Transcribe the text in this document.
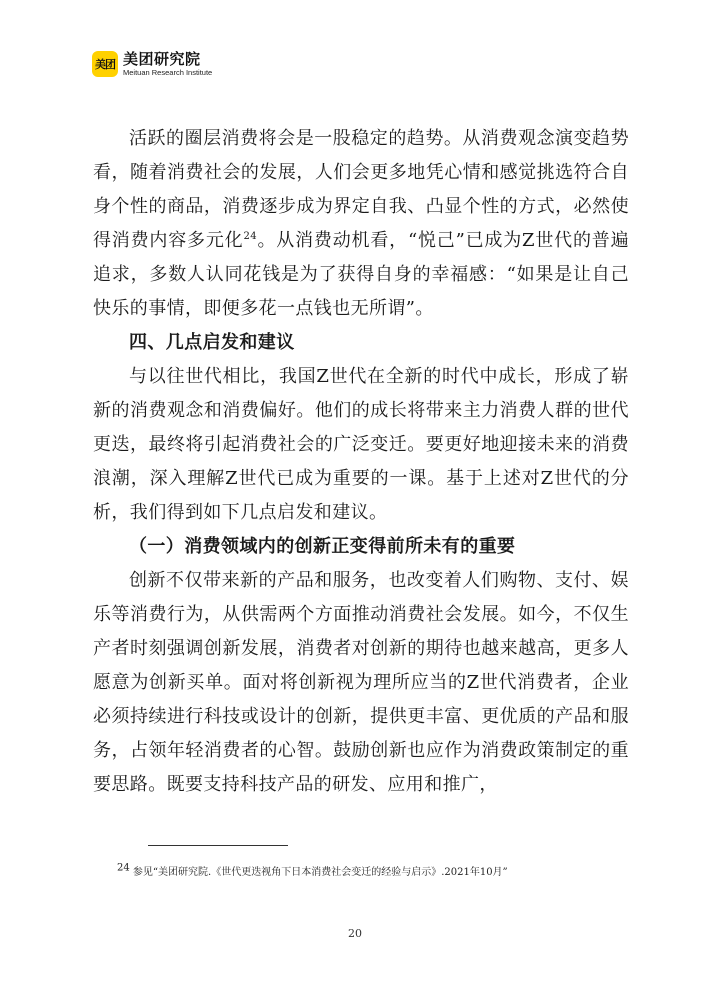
美团 美团研究院
Meituan Research Institute

活跃的圈层消费将会是一股稳定的趋势。从消费观念演变趋势看，随着消费社会的发展，人们会更多地凭心情和感觉挑选符合自身个性的商品，消费逐步成为界定自我、凸显个性的方式，必然使得消费内容多元化$^{24}$。从消费动机看，“悦己”已成为Z世代的普遍追求，多数人认同花钱是为了获得自身的幸福感：“如果是让自己快乐的事情，即便多花一点钱也无所谓”。

四、几点启发和建议

与以往世代相比，我国Z世代在全新的时代中成长，形成了崭新的消费观念和消费偏好。他们的成长将带来主力消费人群的世代更迭，最终将引起消费社会的广泛变迁。要更好地迎接未来的消费浪潮，深入理解Z世代已成为重要的一课。基于上述对Z世代的分析，我们得到如下几点启发和建议。

（一）消费领域内的创新正变得前所未有的重要

创新不仅带来新的产品和服务，也改变着人们购物、支付、娱乐等消费行为，从供需两个方面推动消费社会发展。如今，不仅生产者时刻强调创新发展，消费者对创新的期待也越来越高，更多人愿意为创新买单。面对将创新视为理所应当的Z世代消费者，企业必须持续进行科技或设计的创新，提供更丰富、更优质的产品和服务，占领年轻消费者的心智。鼓励创新也应作为消费政策制定的重要思路。既要支持科技产品的研发、应用和推广，

$^{24}$ 参见“美团研究院.《世代更迭视角下日本消费社会变迁的经验与启示》.2021年10月”
20
